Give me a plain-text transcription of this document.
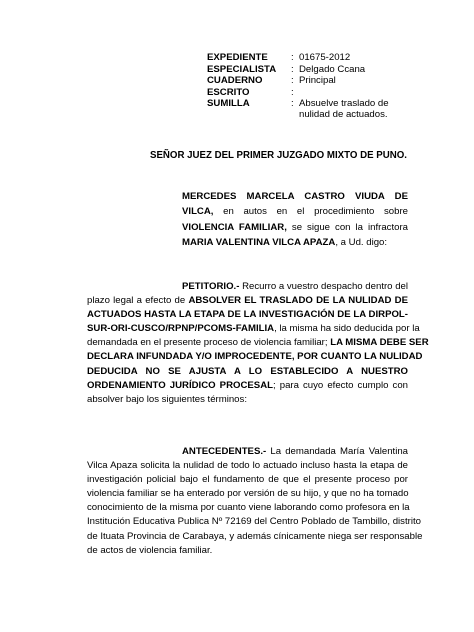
EXPEDIENTE : 01675-2012
ESPECIALISTA : Delgado Ccana
CUADERNO	: Principal
ESCRITO	:
SUMILLA	: Absuelve traslado de
nulidad de actuados.
SEÑOR JUEZ DEL PRIMER JUZGADO MIXTO DE PUNO.
MERCEDES MARCELA CASTRO VIUDA DE
VILCA, en autos en el procedimiento sobre
VIOLENCIA FAMILIAR, se sigue con la infractora
MARIA VALENTINA VILCA APAZA, a Ud. digo:
PETITORIO.- Recurro a vuestro despacho dentro del
plazo legal a efecto de ABSOLVER EL TRASLADO DE LA NULIDAD DE
ACTUADOS HASTA LA ETAPA DE LA INVESTIGACIÓN DE LA DIRPOL-
SUR-ORI-CUSCO/RPNP/PCOMS-FAMILIA, la misma ha sido deducida por la
demandada en el presente proceso de violencia familiar; LA MISMA DEBE SER
DECLARA INFUNDADA Y/O IMPROCEDENTE, POR CUANTO LA NULIDAD
DEDUCIDA NO SE AJUSTA A LO ESTABLECIDO A NUESTRO
ORDENAMIENTO JURÍDICO PROCESAL; para cuyo efecto cumplo con
absolver bajo los siguientes términos:
ANTECEDENTES.- La demandada María Valentina
Vilca Apaza solicita la nulidad de todo lo actuado incluso hasta la etapa de
investigación policial bajo el fundamento de que el presente proceso por
violencia familiar se ha enterado por versión de su hijo, y que no ha tomado
conocimiento de la misma por cuanto viene laborando como profesora en la
Institución Educativa Publica Nº 72169 del Centro Poblado de Tambillo, distrito
de Ituata Provincia de Carabaya, y además cínicamente niega ser responsable
de actos de violencia familiar.
